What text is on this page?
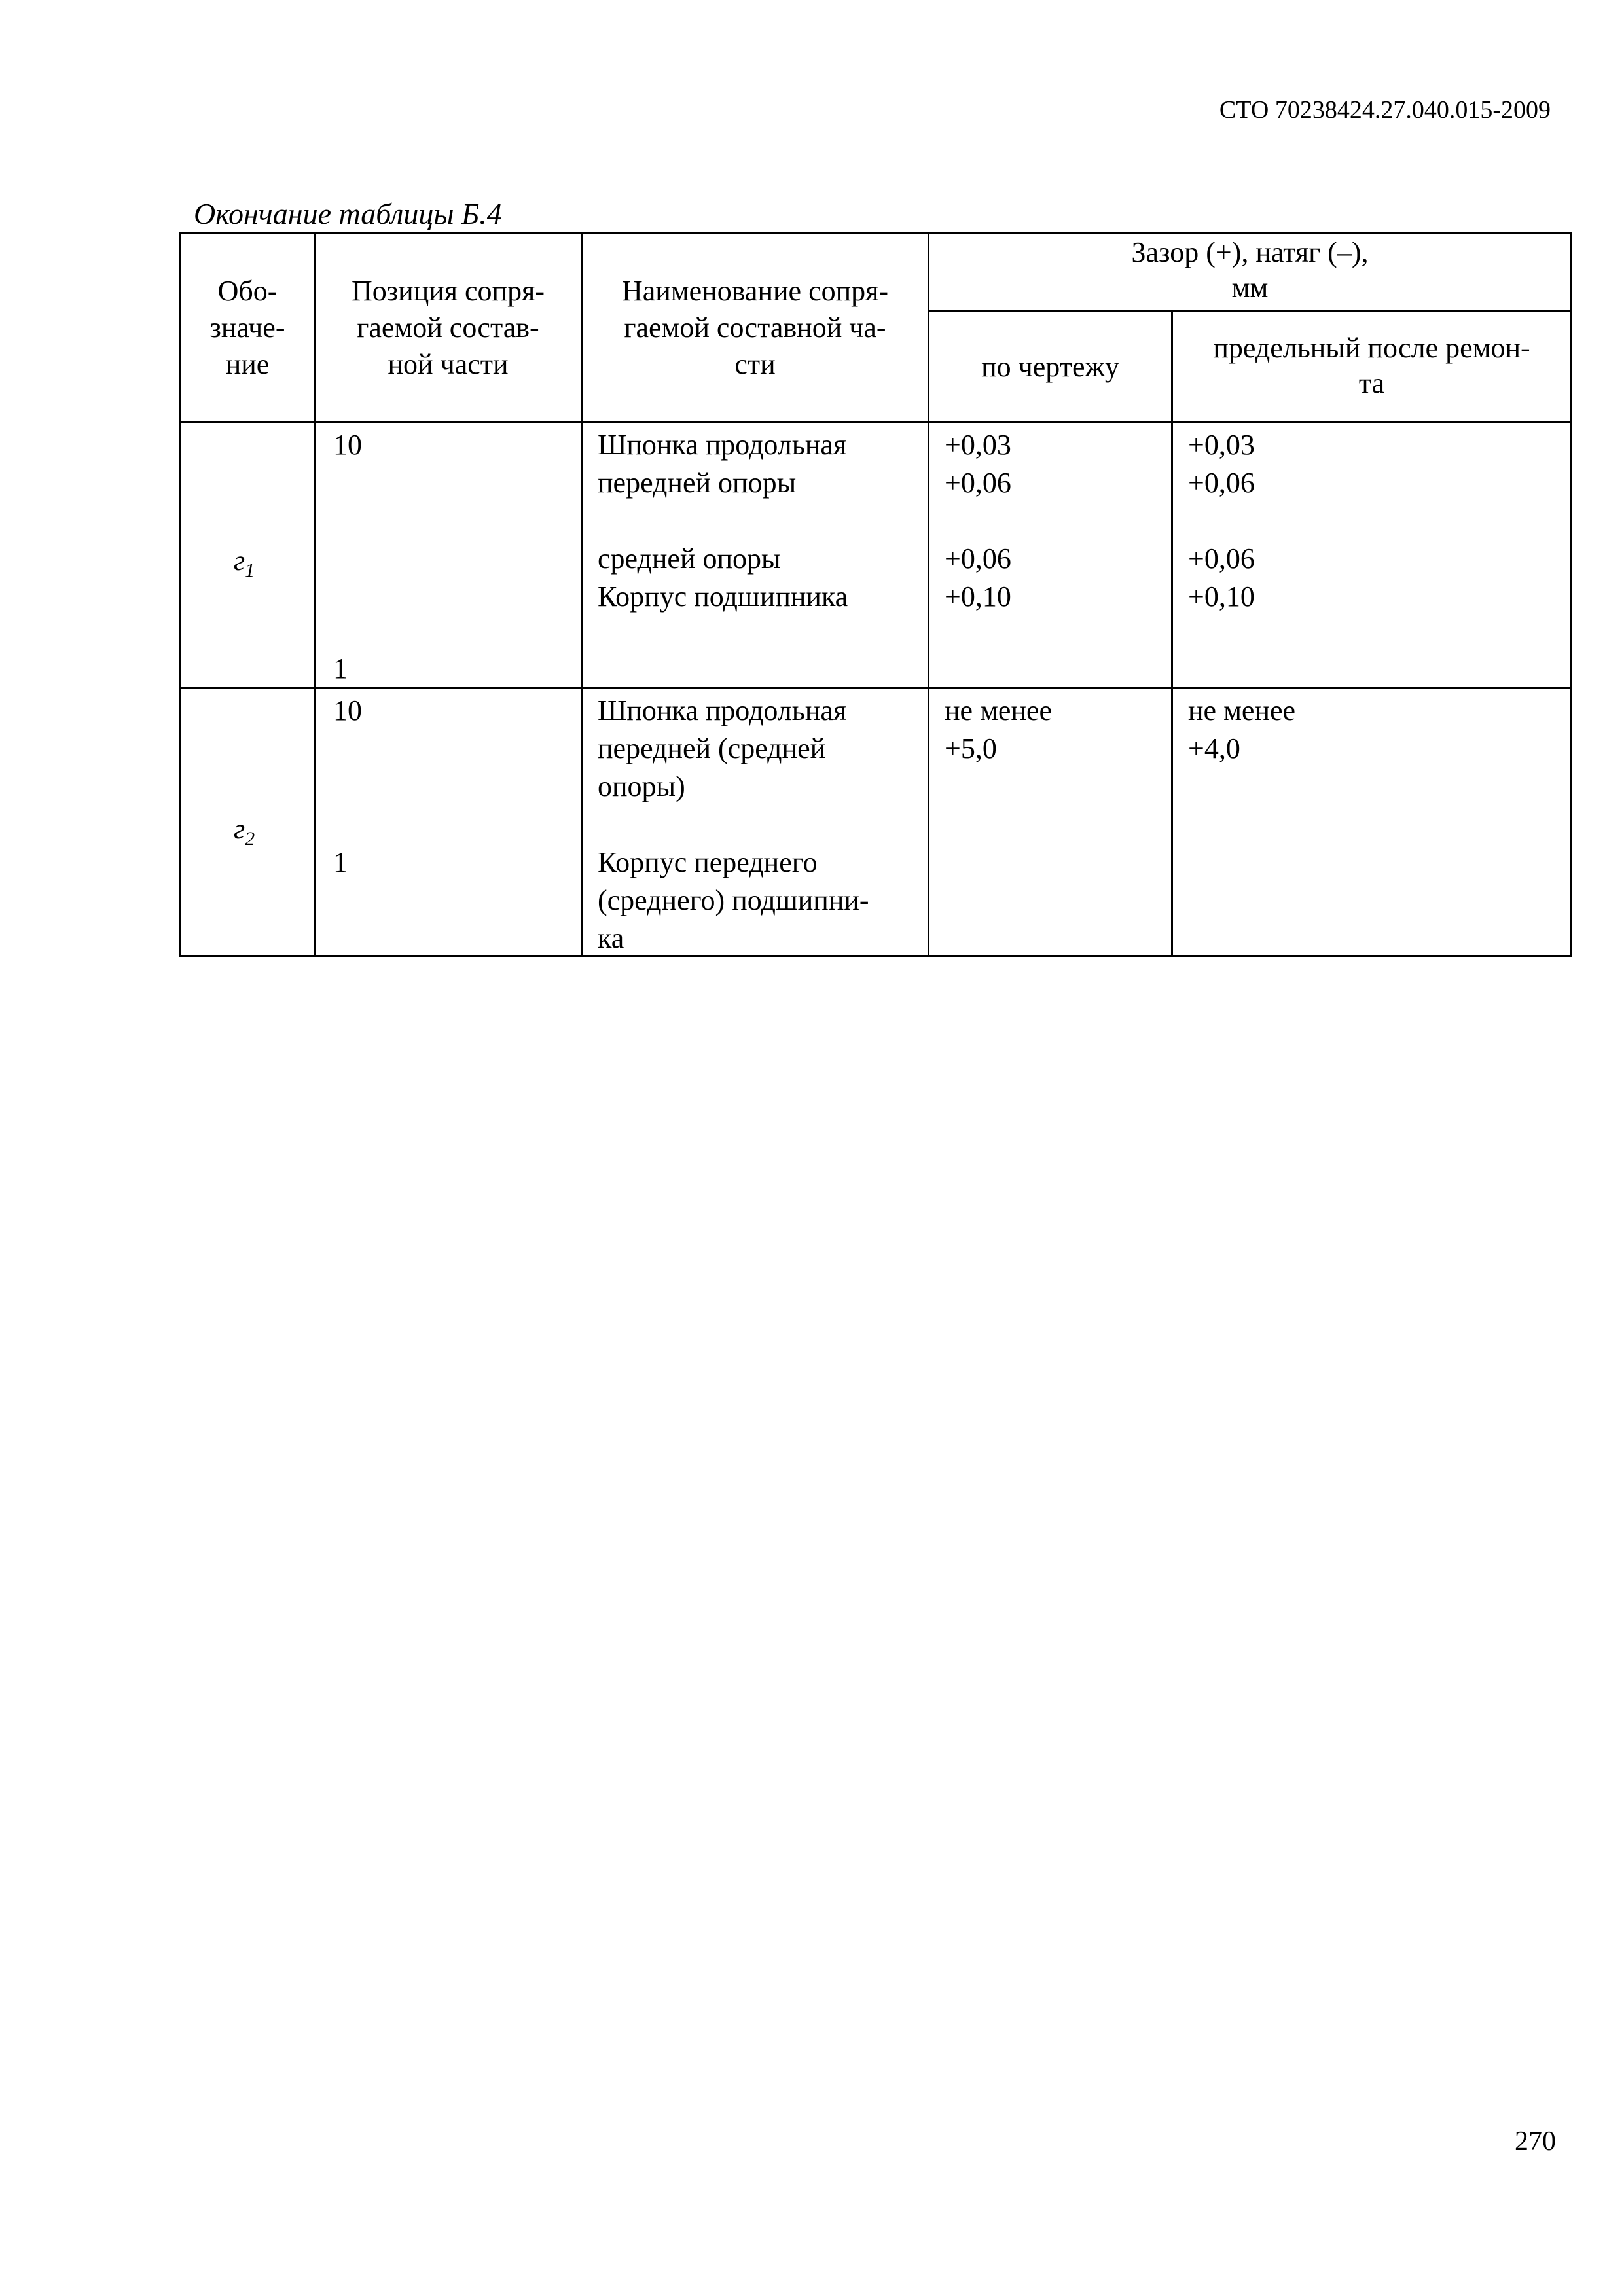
СТО 70238424.27.040.015-2009
Окончание таблицы Б.4
Обо-
значе-
ние
Позиция сопря-
гаемой состав-
ной части
Наименование сопря-
гаемой составной ча-
сти
Зазор (+), натяг (–),
мм
по чертежу
предельный после ремон-
та
$г_1$
10
1
Шпонка продольная
передней опоры

средней опоры

Корпус подшипника
+0,03
+0,06

+0,06
+0,10
+0,03
+0,06

+0,06
+0,10
$г_2$
10
1
Шпонка продольная
передней (средней
опоры)

Корпус переднего
(среднего) подшипни-
ка
не менее
+5,0
не менее
+4,0
270
